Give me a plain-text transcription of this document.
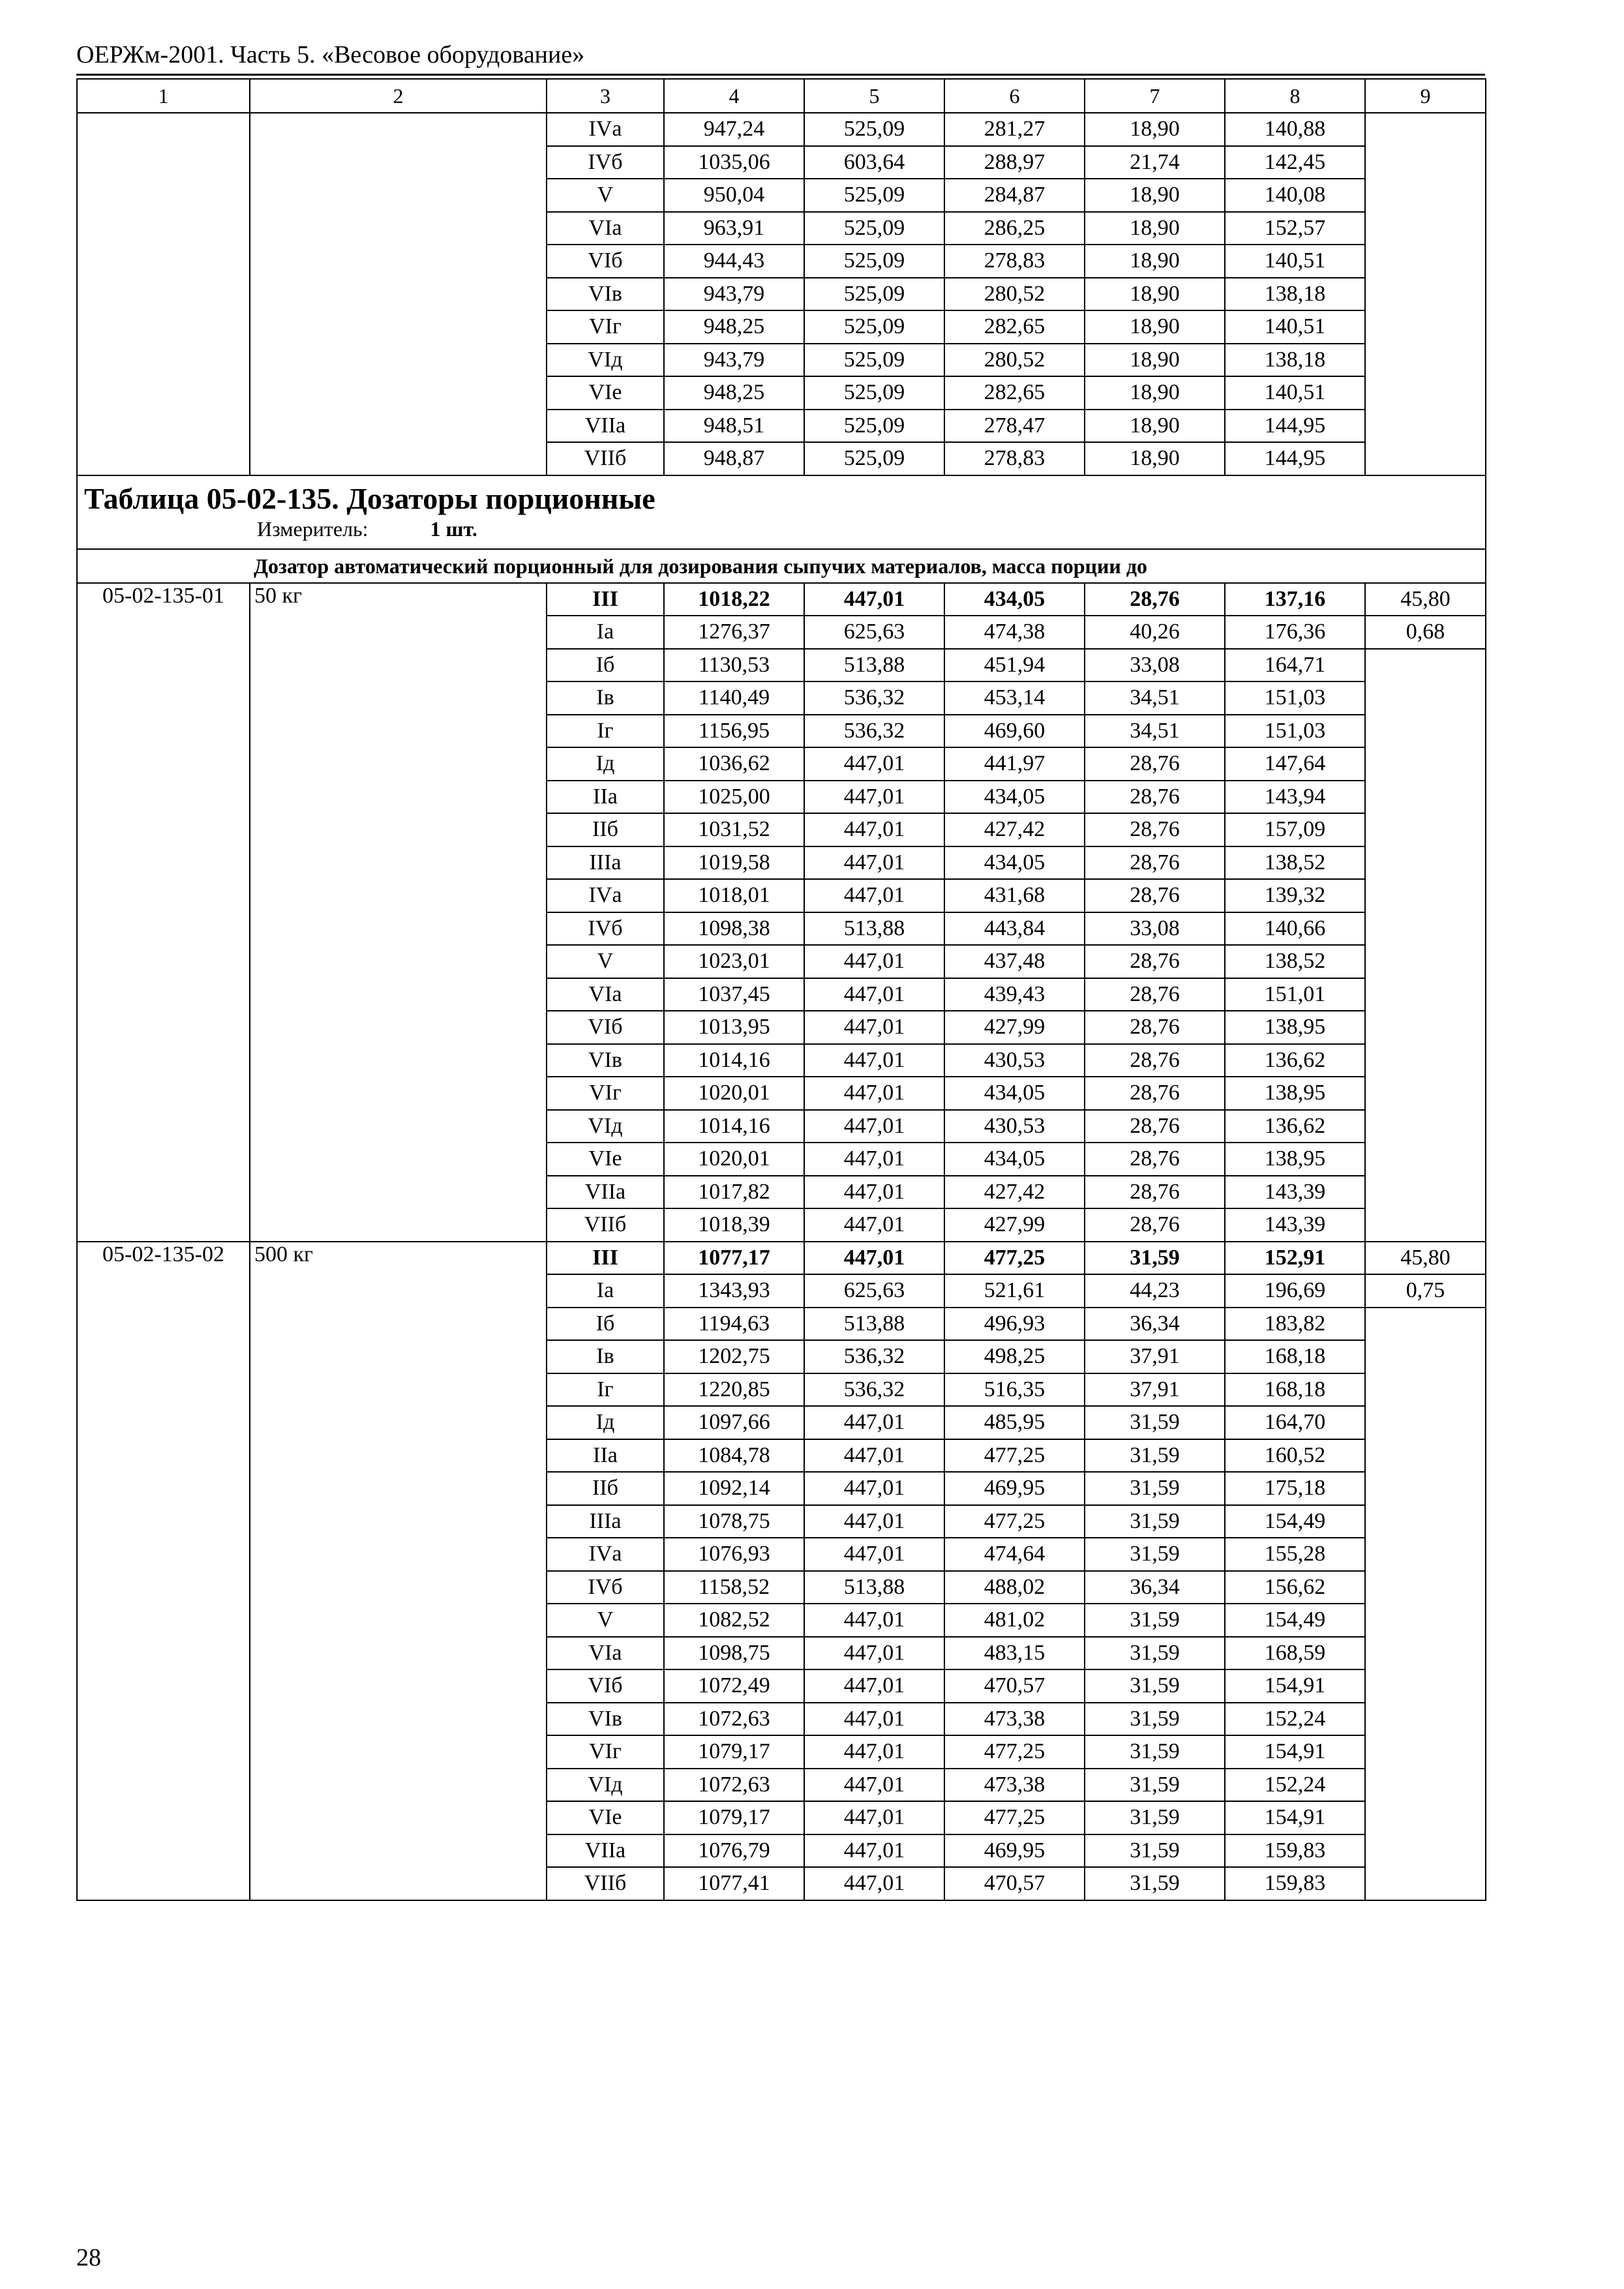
ОЕРЖм-2001. Часть 5. «Весовое оборудование»
1	2	3	4	5	6	7	8	9
		IVа	947,24	525,09	281,27	18,90	140,88	
		IVб	1035,06	603,64	288,97	21,74	142,45	
		V	950,04	525,09	284,87	18,90	140,08	
		VIа	963,91	525,09	286,25	18,90	152,57	
		VIб	944,43	525,09	278,83	18,90	140,51	
		VIв	943,79	525,09	280,52	18,90	138,18	
		VIг	948,25	525,09	282,65	18,90	140,51	
		VIд	943,79	525,09	280,52	18,90	138,18	
		VIе	948,25	525,09	282,65	18,90	140,51	
		VIIа	948,51	525,09	278,47	18,90	144,95	
		VIIб	948,87	525,09	278,83	18,90	144,95	
Таблица 05-02-135. Дозаторы порционные								
Измеритель: 1 шт.								
Дозатор автоматический порционный для дозирования сыпучих материалов, масса порции до								
05-02-135-01	50 кг	III	1018,22	447,01	434,05	28,76	137,16	45,80
		Iа	1276,37	625,63	474,38	40,26	176,36	0,68
		Iб	1130,53	513,88	451,94	33,08	164,71	
		Iв	1140,49	536,32	453,14	34,51	151,03	
		Iг	1156,95	536,32	469,60	34,51	151,03	
		Iд	1036,62	447,01	441,97	28,76	147,64	
		IIа	1025,00	447,01	434,05	28,76	143,94	
		IIб	1031,52	447,01	427,42	28,76	157,09	
		IIIа	1019,58	447,01	434,05	28,76	138,52	
		IVа	1018,01	447,01	431,68	28,76	139,32	
		IVб	1098,38	513,88	443,84	33,08	140,66	
		V	1023,01	447,01	437,48	28,76	138,52	
		VIа	1037,45	447,01	439,43	28,76	151,01	
		VIб	1013,95	447,01	427,99	28,76	138,95	
		VIв	1014,16	447,01	430,53	28,76	136,62	
		VIг	1020,01	447,01	434,05	28,76	138,95	
		VIд	1014,16	447,01	430,53	28,76	136,62	
		VIе	1020,01	447,01	434,05	28,76	138,95	
		VIIа	1017,82	447,01	427,42	28,76	143,39	
		VIIб	1018,39	447,01	427,99	28,76	143,39	
05-02-135-02	500 кг	III	1077,17	447,01	477,25	31,59	152,91	45,80
		Iа	1343,93	625,63	521,61	44,23	196,69	0,75
		Iб	1194,63	513,88	496,93	36,34	183,82	
		Iв	1202,75	536,32	498,25	37,91	168,18	
		Iг	1220,85	536,32	516,35	37,91	168,18	
		Iд	1097,66	447,01	485,95	31,59	164,70	
		IIа	1084,78	447,01	477,25	31,59	160,52	
		IIб	1092,14	447,01	469,95	31,59	175,18	
		IIIа	1078,75	447,01	477,25	31,59	154,49	
		IVа	1076,93	447,01	474,64	31,59	155,28	
		IVб	1158,52	513,88	488,02	36,34	156,62	
		V	1082,52	447,01	481,02	31,59	154,49	
		VIа	1098,75	447,01	483,15	31,59	168,59	
		VIб	1072,49	447,01	470,57	31,59	154,91	
		VIв	1072,63	447,01	473,38	31,59	152,24	
		VIг	1079,17	447,01	477,25	31,59	154,91	
		VIд	1072,63	447,01	473,38	31,59	152,24	
		VIе	1079,17	447,01	477,25	31,59	154,91	
		VIIа	1076,79	447,01	469,95	31,59	159,83	
		VIIб	1077,41	447,01	470,57	31,59	159,83	
28
